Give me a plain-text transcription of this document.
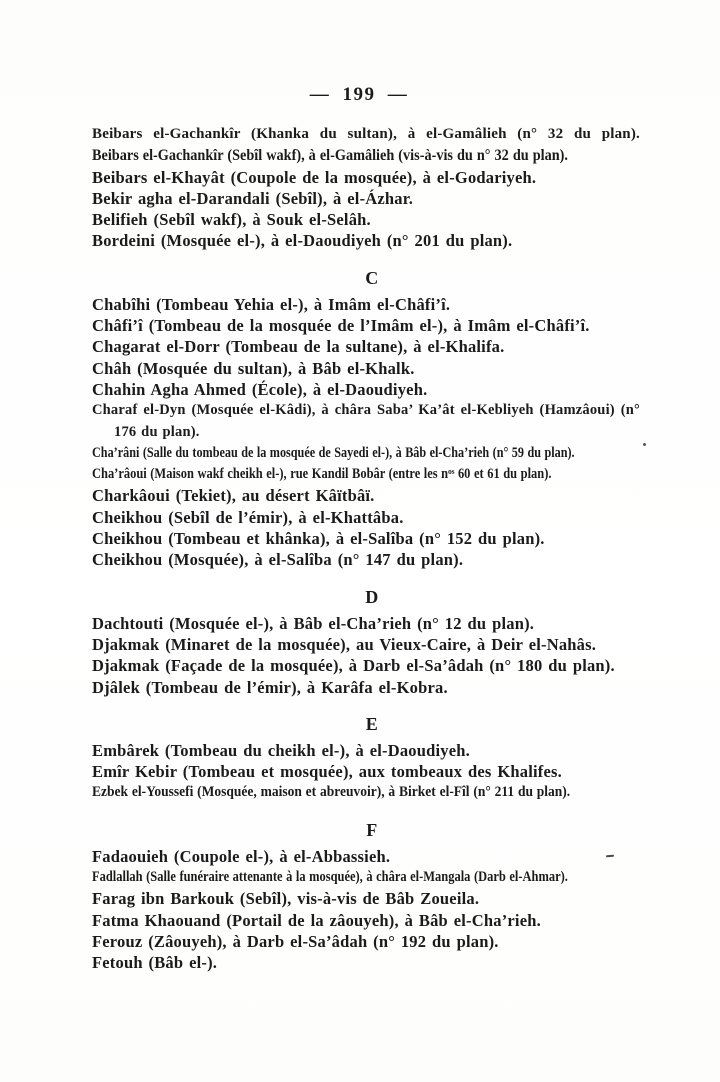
— 199 —

Beibars el-Gachankîr (Khanka du sultan), à el-Gamâlieh (n° 32 du plan).

Beibars el-Gachankîr (Sebîl wakf), à el-Gamâlieh (vis-à-vis du n° 32 du plan).

Beibars el-Khayât (Coupole de la mosquée), à el-Godariyeh.

Bekir agha el-Darandali (Sebîl), à el-Ázhar.

Belifieh (Sebîl wakf), à Souk el-Selâh.

Bordeini (Mosquée el-), à el-Daoudiyeh (n° 201 du plan).

C

Chabîhi (Tombeau Yehia el-), à Imâm el-Châfi’î.

Châfi’î (Tombeau de la mosquée de l’Imâm el-), à Imâm el-Châfi’î.

Chagarat el-Dorr (Tombeau de la sultane), à el-Khalifa.

Châh (Mosquée du sultan), à Bâb el-Khalk.

Chahin Agha Ahmed (École), à el-Daoudiyeh.

Charaf el-Dyn (Mosquée el-Kâdi), à châra Saba’ Ka’ât el-Kebliyeh (Hamzâoui) (n° 176 du plan).

Cha’râni (Salle du tombeau de la mosquée de Sayedi el-), à Bâb el-Cha’rieh (n° 59 du plan).

Cha’râoui (Maison wakf cheikh el-), rue Kandil Bobâr (entre les nᵒˢ 60 et 61 du plan).

Charkâoui (Tekiet), au désert Kâïtbâï.

Cheikhou (Sebîl de l’émir), à el-Khattâba.

Cheikhou (Tombeau et khânka), à el-Salîba (n° 152 du plan).

Cheikhou (Mosquée), à el-Salîba (n° 147 du plan).

D

Dachtouti (Mosquée el-), à Bâb el-Cha’rieh (n° 12 du plan).

Djakmak (Minaret de la mosquée), au Vieux-Caire, à Deir el-Nahâs.

Djakmak (Façade de la mosquée), à Darb el-Sa’âdah (n° 180 du plan).

Djâlek (Tombeau de l’émir), à Karâfa el-Kobra.

E

Embârek (Tombeau du cheikh el-), à el-Daoudiyeh.

Emîr Kebir (Tombeau et mosquée), aux tombeaux des Khalifes.

Ezbek el-Youssefi (Mosquée, maison et abreuvoir), à Birket el-Fîl (n° 211 du plan).

F

Fadaouieh (Coupole el-), à el-Abbassieh.

Fadlallah (Salle funéraire attenante à la mosquée), à châra el-Mangala (Darb el-Ahmar).

Farag ibn Barkouk (Sebîl), vis-à-vis de Bâb Zoueila.

Fatma Khaouand (Portail de la zâouyeh), à Bâb el-Cha’rieh.

Ferouz (Zâouyeh), à Darb el-Sa’âdah (n° 192 du plan).

Fetouh (Bâb el-).
